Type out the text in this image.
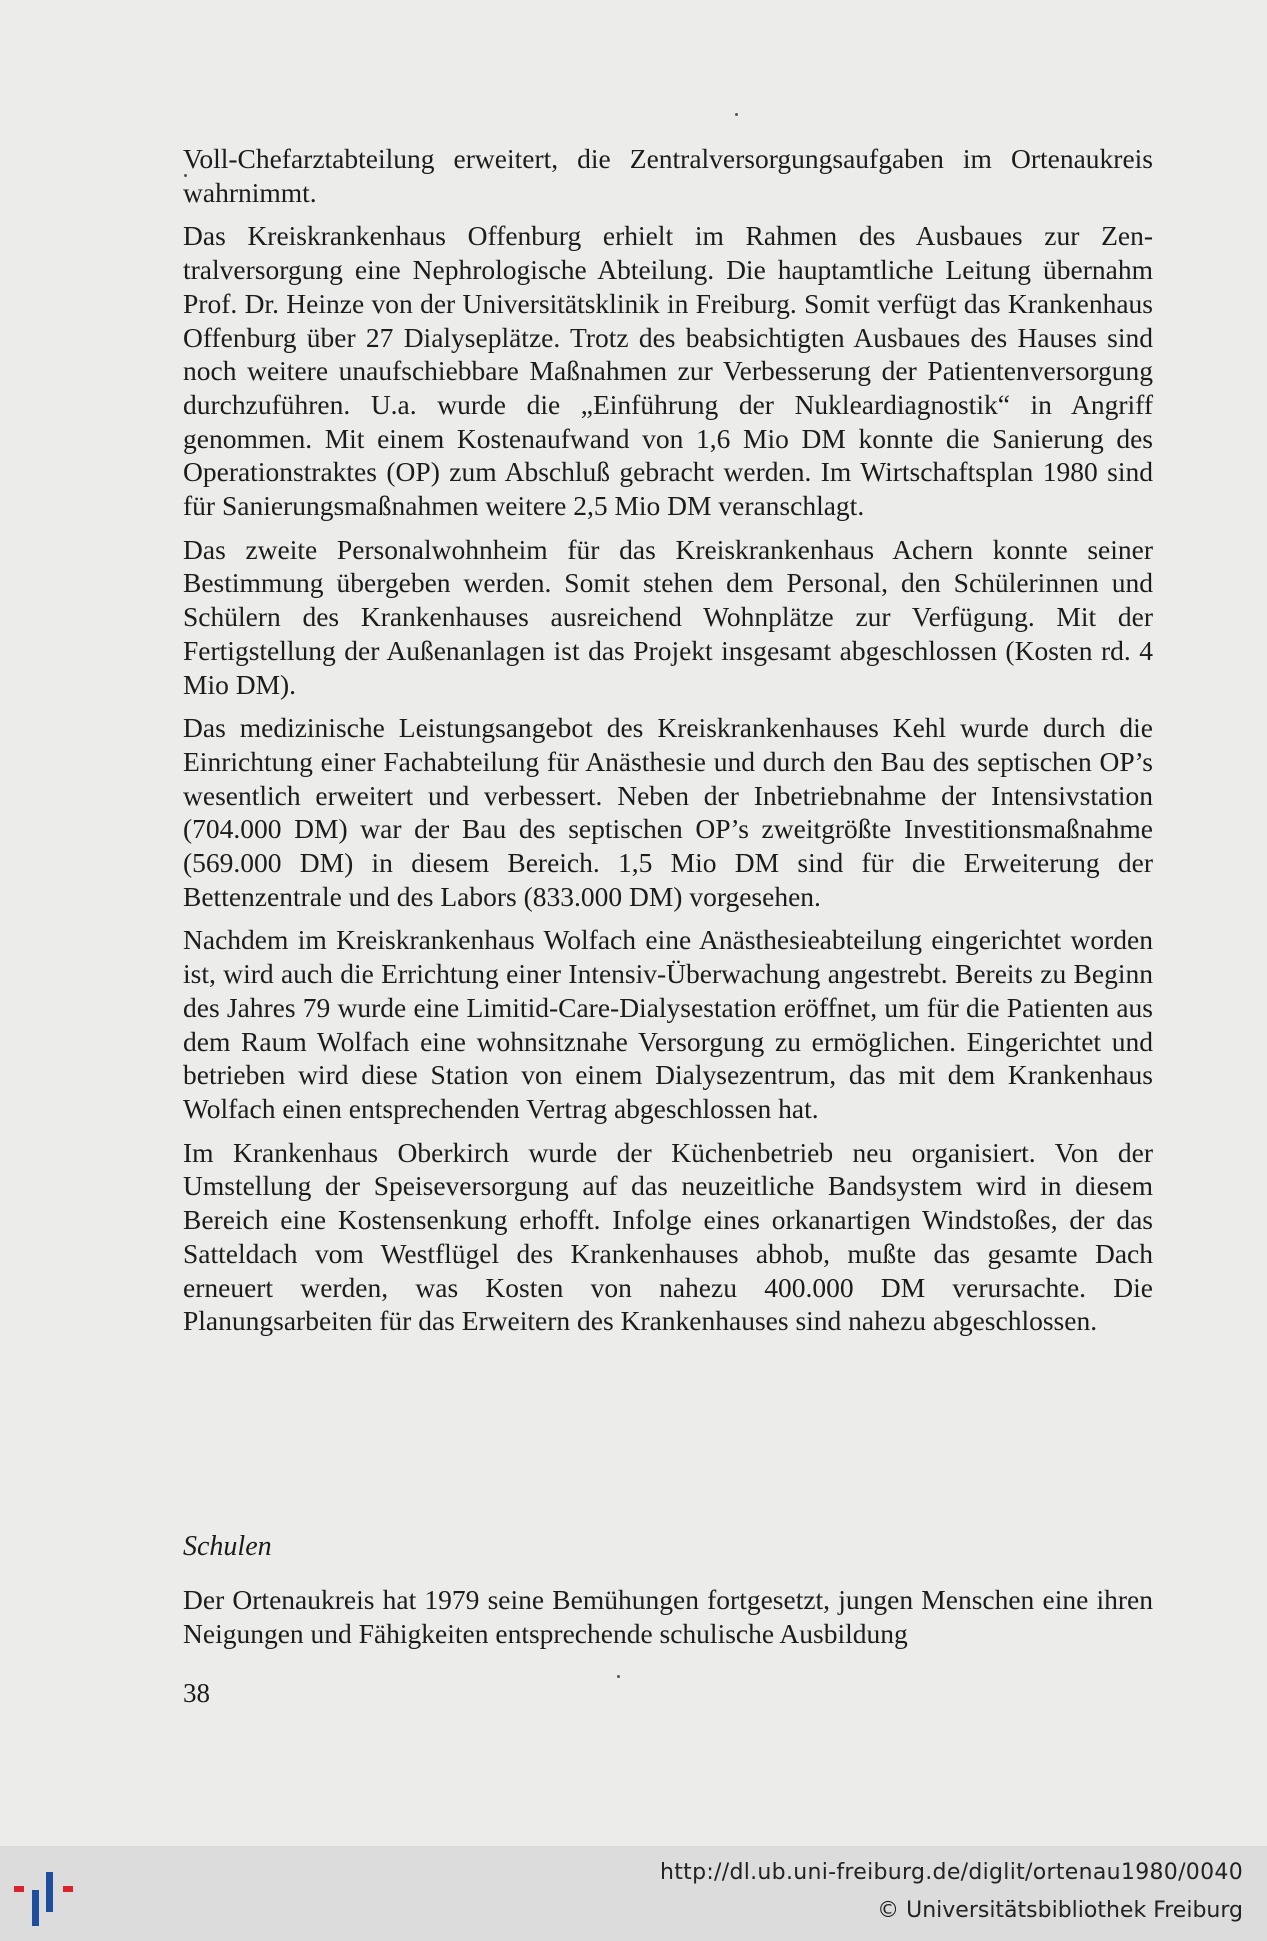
Voll-Chefarztabteilung erweitert, die Zentralversorgungsaufgaben im Ortenaukreis wahrnimmt.

Das Kreiskrankenhaus Offenburg erhielt im Rahmen des Ausbaues zur Zentralversorgung eine Nephrologische Abteilung. Die hauptamtliche Leitung übernahm Prof. Dr. Heinze von der Universitätsklinik in Freiburg. Somit verfügt das Krankenhaus Offenburg über 27 Dialyseplätze. Trotz des beabsichtigten Ausbaues des Hauses sind noch weitere unaufschiebbare Maßnahmen zur Verbesserung der Patientenversorgung durchzuführen. U.a. wurde die „Einführung der Nukleardiagnostik“ in Angriff genommen. Mit einem Kostenaufwand von 1,6 Mio DM konnte die Sanierung des Operationstraktes (OP) zum Abschluß gebracht werden. Im Wirtschaftsplan 1980 sind für Sanierungsmaßnahmen weitere 2,5 Mio DM veranschlagt.

Das zweite Personalwohnheim für das Kreiskrankenhaus Achern konnte seiner Bestimmung übergeben werden. Somit stehen dem Personal, den Schülerinnen und Schülern des Krankenhauses ausreichend Wohnplätze zur Verfügung. Mit der Fertigstellung der Außenanlagen ist das Projekt insgesamt abgeschlossen (Kosten rd. 4 Mio DM).

Das medizinische Leistungsangebot des Kreiskrankenhauses Kehl wurde durch die Einrichtung einer Fachabteilung für Anästhesie und durch den Bau des septischen OP’s wesentlich erweitert und verbessert. Neben der Inbetriebnahme der Intensivstation (704.000 DM) war der Bau des septischen OP’s zweitgrößte Investitionsmaßnahme (569.000 DM) in diesem Bereich. 1,5 Mio DM sind für die Erweiterung der Bettenzentrale und des Labors (833.000 DM) vorgesehen.

Nachdem im Kreiskrankenhaus Wolfach eine Anästhesieabteilung eingerichtet worden ist, wird auch die Errichtung einer Intensiv-Überwachung angestrebt. Bereits zu Beginn des Jahres 79 wurde eine Limitid-Care-Dialysestation eröffnet, um für die Patienten aus dem Raum Wolfach eine wohnsitznahe Versorgung zu ermöglichen. Eingerichtet und betrieben wird diese Station von einem Dialysezentrum, das mit dem Krankenhaus Wolfach einen entsprechenden Vertrag abgeschlossen hat.

Im Krankenhaus Oberkirch wurde der Küchenbetrieb neu organisiert. Von der Umstellung der Speiseversorgung auf das neuzeitliche Bandsystem wird in diesem Bereich eine Kostensenkung erhofft. Infolge eines orkanartigen Windstoßes, der das Satteldach vom Westflügel des Krankenhauses abhob, mußte das gesamte Dach erneuert werden, was Kosten von nahezu 400.000 DM verursachte. Die Planungsarbeiten für das Erweitern des Krankenhauses sind nahezu abgeschlossen.

Schulen

Der Ortenaukreis hat 1979 seine Bemühungen fortgesetzt, jungen Menschen eine ihren Neigungen und Fähigkeiten entsprechende schulische Ausbildung

38
http://dl.ub.uni-freiburg.de/diglit/ortenau1980/0040
© Universitätsbibliothek Freiburg
